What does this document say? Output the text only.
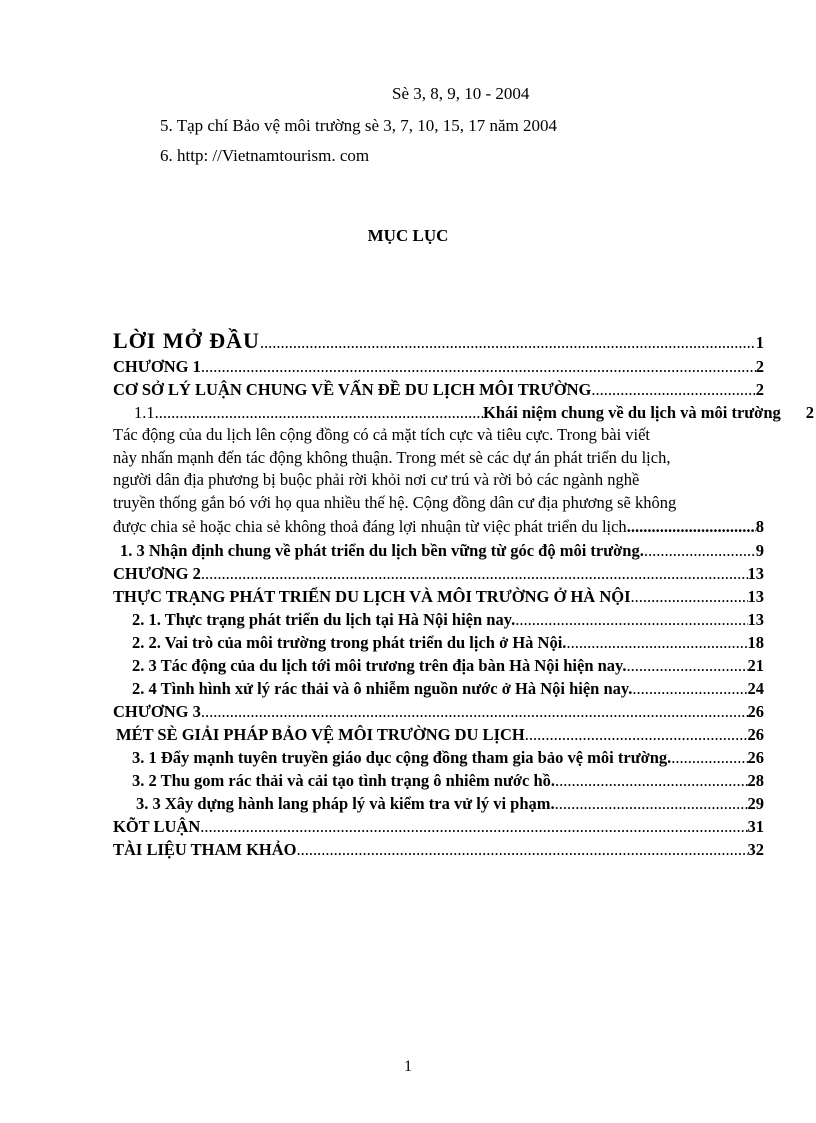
Sè 3, 8, 9, 10 - 2004
5. Tạp chí Bảo vệ môi trường sè 3, 7, 10, 15, 17 năm 2004
6. http: //Vietnamtourism. com
MỤC LỤC
LỜI MỞ ĐẦU .....	1
CHƯƠNG 1 .....	2
CƠ SỞ LÝ LUẬN CHUNG VỀ VẤN ĐỀ DU LỊCH MÔI TRƯỜNG .....	2
1.1. .....	Khái niệm chung về du lịch và môi trường 2

Tác động của du lịch lên cộng đồng có cả mặt tích cực và tiêu cực. Trong bài viết

này nhấn mạnh đến tác động không thuận. Trong mét sè các dự án phát triển du lịch,

người dân địa phương bị buộc phải rời khỏi nơi cư trú và rời bỏ các ngành nghề

truyền thống gắn bó với họ qua nhiều thế hệ. Cộng đồng dân cư địa phương sẽ không

được chia sẻ hoặc chia sẻ không thoả đáng lợi nhuận từ việc phát triển du lịch .....	8
1. 3 Nhận định chung về phát triển du lịch bền vững từ góc độ môi trường. .....	9
CHƯƠNG 2 .....	13
THỰC TRẠNG PHÁT TRIỂN DU LỊCH VÀ MÔI TRƯỜNG Ở HÀ NỘI .....	13
2. 1. Thực trạng phát triển du lịch tại Hà Nội hiện nay. .....	13
2. 2. Vai trò của môi trường trong phát triển du lịch ở Hà Nội. .....	18
2. 3 Tác động của du lịch tới môi trương trên địa bàn Hà Nội hiện nay. .....	21
2. 4 Tình hình xử lý rác thải và ô nhiễm nguồn nước ở Hà Nội hiện nay. .....	24
CHƯƠNG 3 .....	26
MÉT SÈ GIẢI PHÁP BẢO VỆ MÔI TRƯỜNG DU LỊCH .....	26
3. 1 Đẩy mạnh tuyên truyền giáo dục cộng đồng tham gia bảo vệ môi trường. .....	26
3. 2 Thu gom rác thải và cải tạo tình trạng ô nhiêm nước hồ. .....	28
3. 3 Xây dựng hành lang pháp lý và kiểm tra vử lý vi phạm. .....	29
KÕT LUẬN .....	31
TÀI LIỆU THAM KHẢO .....	32
1
